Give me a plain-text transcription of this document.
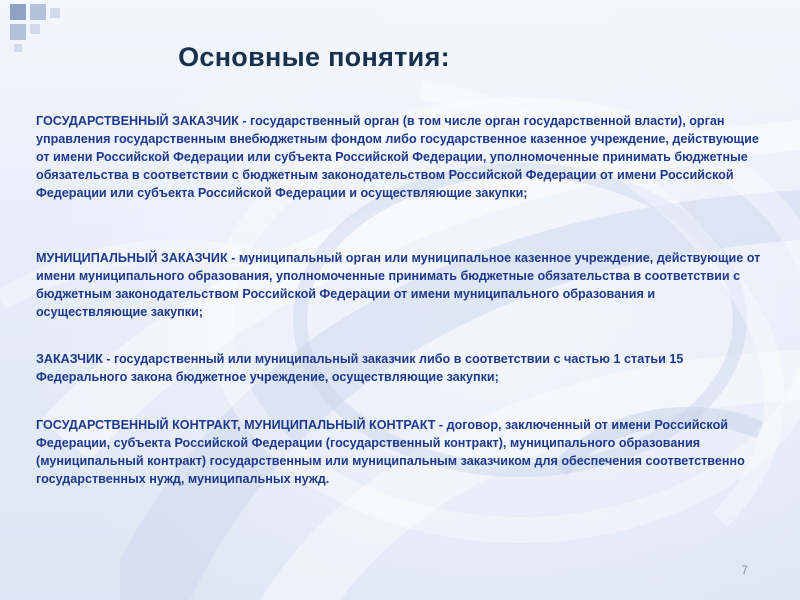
Основные понятия:

ГОСУДАРСТВЕННЫЙ ЗАКАЗЧИК - государственный орган (в том числе орган государственной власти), орган управления государственным внебюджетным фондом либо государственное казенное учреждение, действующие от имени Российской Федерации или субъекта Российской Федерации, уполномоченные принимать бюджетные обязательства в соответствии с бюджетным законодательством Российской Федерации от имени Российской Федерации или субъекта Российской Федерации и осуществляющие закупки;

МУНИЦИПАЛЬНЫЙ ЗАКАЗЧИК - муниципальный орган или муниципальное казенное учреждение, действующие от имени муниципального образования, уполномоченные принимать бюджетные обязательства в соответствии с бюджетным законодательством Российской Федерации от имени муниципального образования и осуществляющие закупки;

ЗАКАЗЧИК - государственный или муниципальный заказчик либо в соответствии с частью 1 статьи 15 Федерального закона бюджетное учреждение, осуществляющие закупки;

ГОСУДАРСТВЕННЫЙ КОНТРАКТ, МУНИЦИПАЛЬНЫЙ КОНТРАКТ - договор, заключенный от имени Российской Федерации, субъекта Российской Федерации (государственный контракт), муниципального образования (муниципальный контракт) государственным или муниципальным заказчиком для обеспечения соответственно государственных нужд, муниципальных нужд.

7
